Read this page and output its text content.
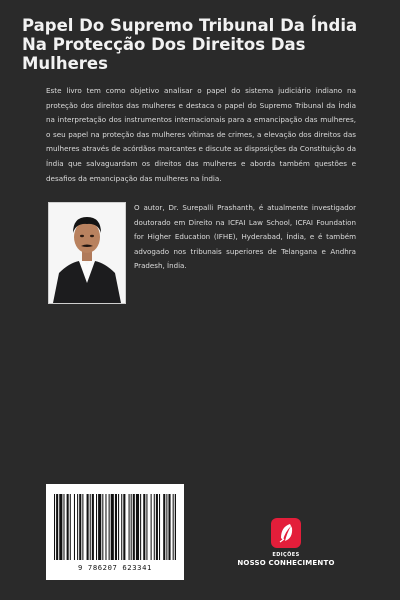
Papel Do Supremo Tribunal Da Índia Na Protecção Dos Direitos Das Mulheres

Este livro tem como objetivo analisar o papel do sistema judiciário indiano na proteção dos direitos das mulheres e destaca o papel do Supremo Tribunal da Índia na interpretação dos instrumentos internacionais para a emancipação das mulheres, o seu papel na proteção das mulheres vítimas de crimes, a elevação dos direitos das mulheres através de acórdãos marcantes e discute as disposições da Constituição da Índia que salvaguardam os direitos das mulheres e aborda também questões e desafios da emancipação das mulheres na Índia.

O autor, Dr. Surepalli Prashanth, é atualmente investigador doutorado em Direito na ICFAI Law School, ICFAI Foundation for Higher Education (IFHE), Hyderabad, Índia, e é também advogado nos tribunais superiores de Telangana e Andhra Pradesh, Índia.

9 786207 623341
EDIÇÕES
NOSSO CONHECIMENTO
